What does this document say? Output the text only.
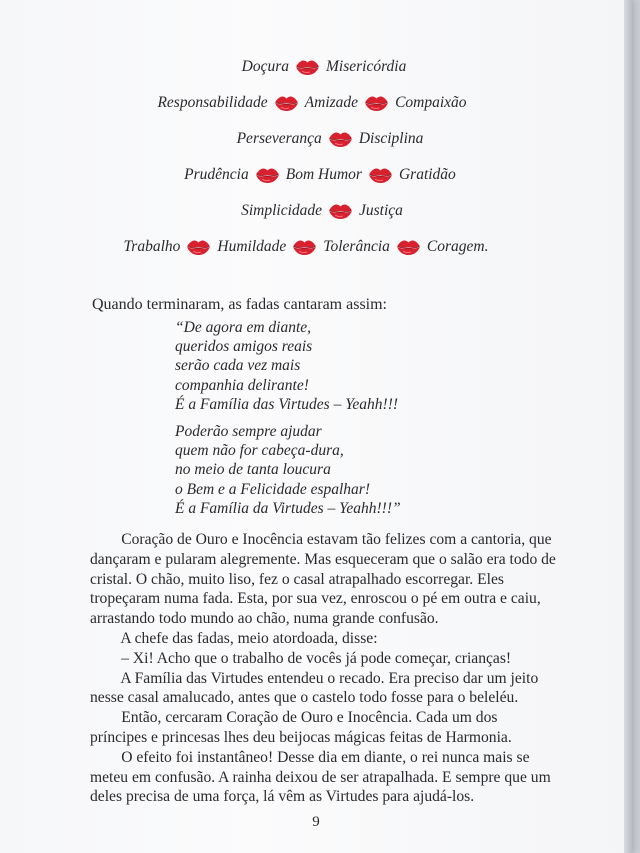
Doçura Misericórdia
Responsabilidade Amizade Compaixão
Perseverança Disciplina
Prudência Bom Humor Gratidão
Simplicidade Justiça
Trabalho Humildade Tolerância Coragem.
Quando terminaram, as fadas cantaram assim:
“De agora em diante,
queridos amigos reais
serão cada vez mais
companhia delirante!
É a Família das Virtudes – Yeahh!!!
Poderão sempre ajudar
quem não for cabeça-dura,
no meio de tanta loucura
o Bem e a Felicidade espalhar!
É a Família da Virtudes – Yeahh!!!”
Coração de Ouro e Inocência estavam tão felizes com a cantoria, que
dançaram e pularam alegremente. Mas esqueceram que o salão era todo de
cristal. O chão, muito liso, fez o casal atrapalhado escorregar. Eles
tropeçaram numa fada. Esta, por sua vez, enroscou o pé em outra e caiu,
arrastando todo mundo ao chão, numa grande confusão.
A chefe das fadas, meio atordoada, disse:
– Xi! Acho que o trabalho de vocês já pode começar, crianças!
A Família das Virtudes entendeu o recado. Era preciso dar um jeito
nesse casal amalucado, antes que o castelo todo fosse para o beleléu.
Então, cercaram Coração de Ouro e Inocência. Cada um dos
príncipes e princesas lhes deu beijocas mágicas feitas de Harmonia.
O efeito foi instantâneo! Desse dia em diante, o rei nunca mais se
meteu em confusão. A rainha deixou de ser atrapalhada. E sempre que um
deles precisa de uma força, lá vêm as Virtudes para ajudá-los.
9
